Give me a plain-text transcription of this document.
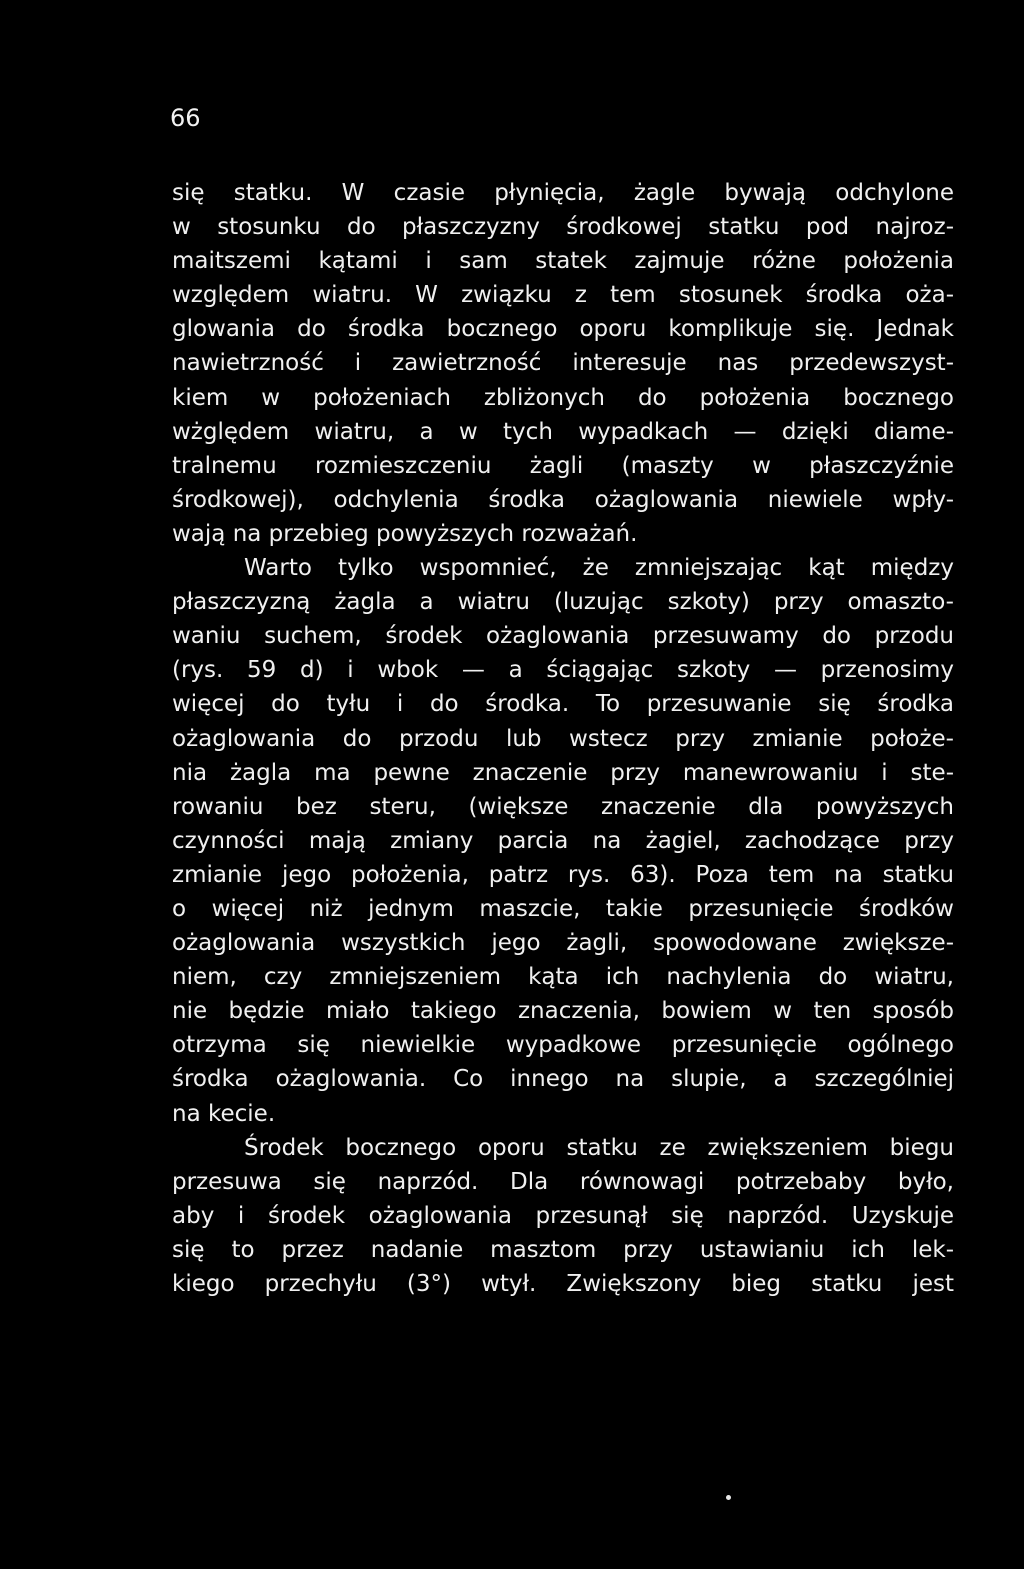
66
się statku. W czasie płynięcia, żagle bywają odchylone
w stosunku do płaszczyzny środkowej statku pod najroz-
maitszemi kątami i sam statek zajmuje różne położenia
względem wiatru. W związku z tem stosunek środka oża-
glowania do środka bocznego oporu komplikuje się. Jednak
nawietrzność i zawietrzność interesuje nas przedewszyst-
kiem w położeniach zbliżonych do położenia bocznego
wżględem wiatru, a w tych wypadkach — dzięki diame-
tralnemu rozmieszczeniu żagli (maszty w płaszczyźnie
środkowej), odchylenia środka ożaglowania niewiele wpły-
wają na przebieg powyższych rozważań.
Warto tylko wspomnieć, że zmniejszając kąt między
płaszczyzną żagla a wiatru (luzując szkoty) przy omaszto-
waniu suchem, środek ożaglowania przesuwamy do przodu
(rys. 59 d) i wbok — a ściągając szkoty — przenosimy
więcej do tyłu i do środka. To przesuwanie się środka
ożaglowania do przodu lub wstecz przy zmianie położe-
nia żagla ma pewne znaczenie przy manewrowaniu i ste-
rowaniu bez steru, (większe znaczenie dla powyższych
czynności mają zmiany parcia na żagiel, zachodzące przy
zmianie jego położenia, patrz rys. 63). Poza tem na statku
o więcej niż jednym maszcie, takie przesunięcie środków
ożaglowania wszystkich jego żagli, spowodowane zwiększe-
niem, czy zmniejszeniem kąta ich nachylenia do wiatru,
nie będzie miało takiego znaczenia, bowiem w ten sposób
otrzyma się niewielkie wypadkowe przesunięcie ogólnego
środka ożaglowania. Co innego na slupie, a szczególniej
na kecie.
Środek bocznego oporu statku ze zwiększeniem biegu
przesuwa się naprzód. Dla równowagi potrzebaby było,
aby i środek ożaglowania przesunął się naprzód. Uzyskuje
się to przez nadanie masztom przy ustawianiu ich lek-
kiego przechyłu (3°) wtył. Zwiększony bieg statku jest
